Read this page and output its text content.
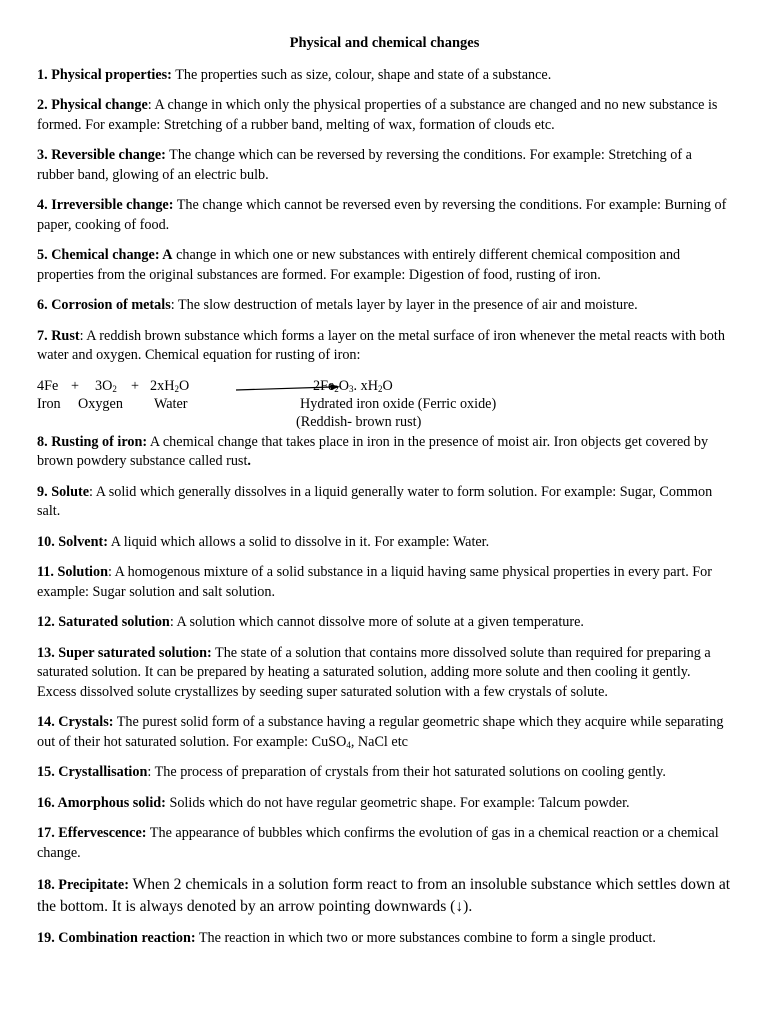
Physical and chemical changes

1. Physical properties: The properties such as size, colour, shape and state of a substance.

2. Physical change: A change in which only the physical properties of a substance are changed and no new substance is formed. For example: Stretching of a rubber band, melting of wax, formation of clouds etc.

3. Reversible change: The change which can be reversed by reversing the conditions. For example: Stretching of a rubber band, glowing of an electric bulb.

4. Irreversible change: The change which cannot be reversed even by reversing the conditions. For example: Burning of paper, cooking of food.

5. Chemical change: A change in which one or new substances with entirely different chemical composition and properties from the original substances are formed. For example: Digestion of food, rusting of iron.

6. Corrosion of metals: The slow destruction of metals layer by layer in the presence of air and moisture.

7. Rust: A reddish brown substance which forms a layer on the metal surface of iron whenever the metal reacts with both water and oxygen. Chemical equation for rusting of iron:

$4Fe + 3O_2 + 2xH_2O$	$2Fe_2O_3$. $xH_2O$
Iron Oxygen Water	Hydrated iron oxide (Ferric oxide)
(Reddish- brown rust)

8. Rusting of iron: A chemical change that takes place in iron in the presence of moist air. Iron objects get covered by brown powdery substance called rust.

9. Solute: A solid which generally dissolves in a liquid generally water to form solution. For example: Sugar, Common salt.

10. Solvent: A liquid which allows a solid to dissolve in it. For example: Water.

11. Solution: A homogenous mixture of a solid substance in a liquid having same physical properties in every part. For example: Sugar solution and salt solution.

12. Saturated solution: A solution which cannot dissolve more of solute at a given temperature.

13. Super saturated solution: The state of a solution that contains more dissolved solute than required for preparing a saturated solution. It can be prepared by heating a saturated solution, adding more solute and then cooling it gently. Excess dissolved solute crystallizes by seeding super saturated solution with a few crystals of solute.

14. Crystals: The purest solid form of a substance having a regular geometric shape which they acquire while separating out of their hot saturated solution. For example: CuSO$_4$, NaCl etc

15. Crystallisation: The process of preparation of crystals from their hot saturated solutions on cooling gently.

16. Amorphous solid: Solids which do not have regular geometric shape. For example: Talcum powder.

17. Effervescence: The appearance of bubbles which confirms the evolution of gas in a chemical reaction or a chemical change.

18. Precipitate: When 2 chemicals in a solution form react to from an insoluble substance which settles down at the bottom. It is always denoted by an arrow pointing downwards (↓).

19. Combination reaction: The reaction in which two or more substances combine to form a single product.
